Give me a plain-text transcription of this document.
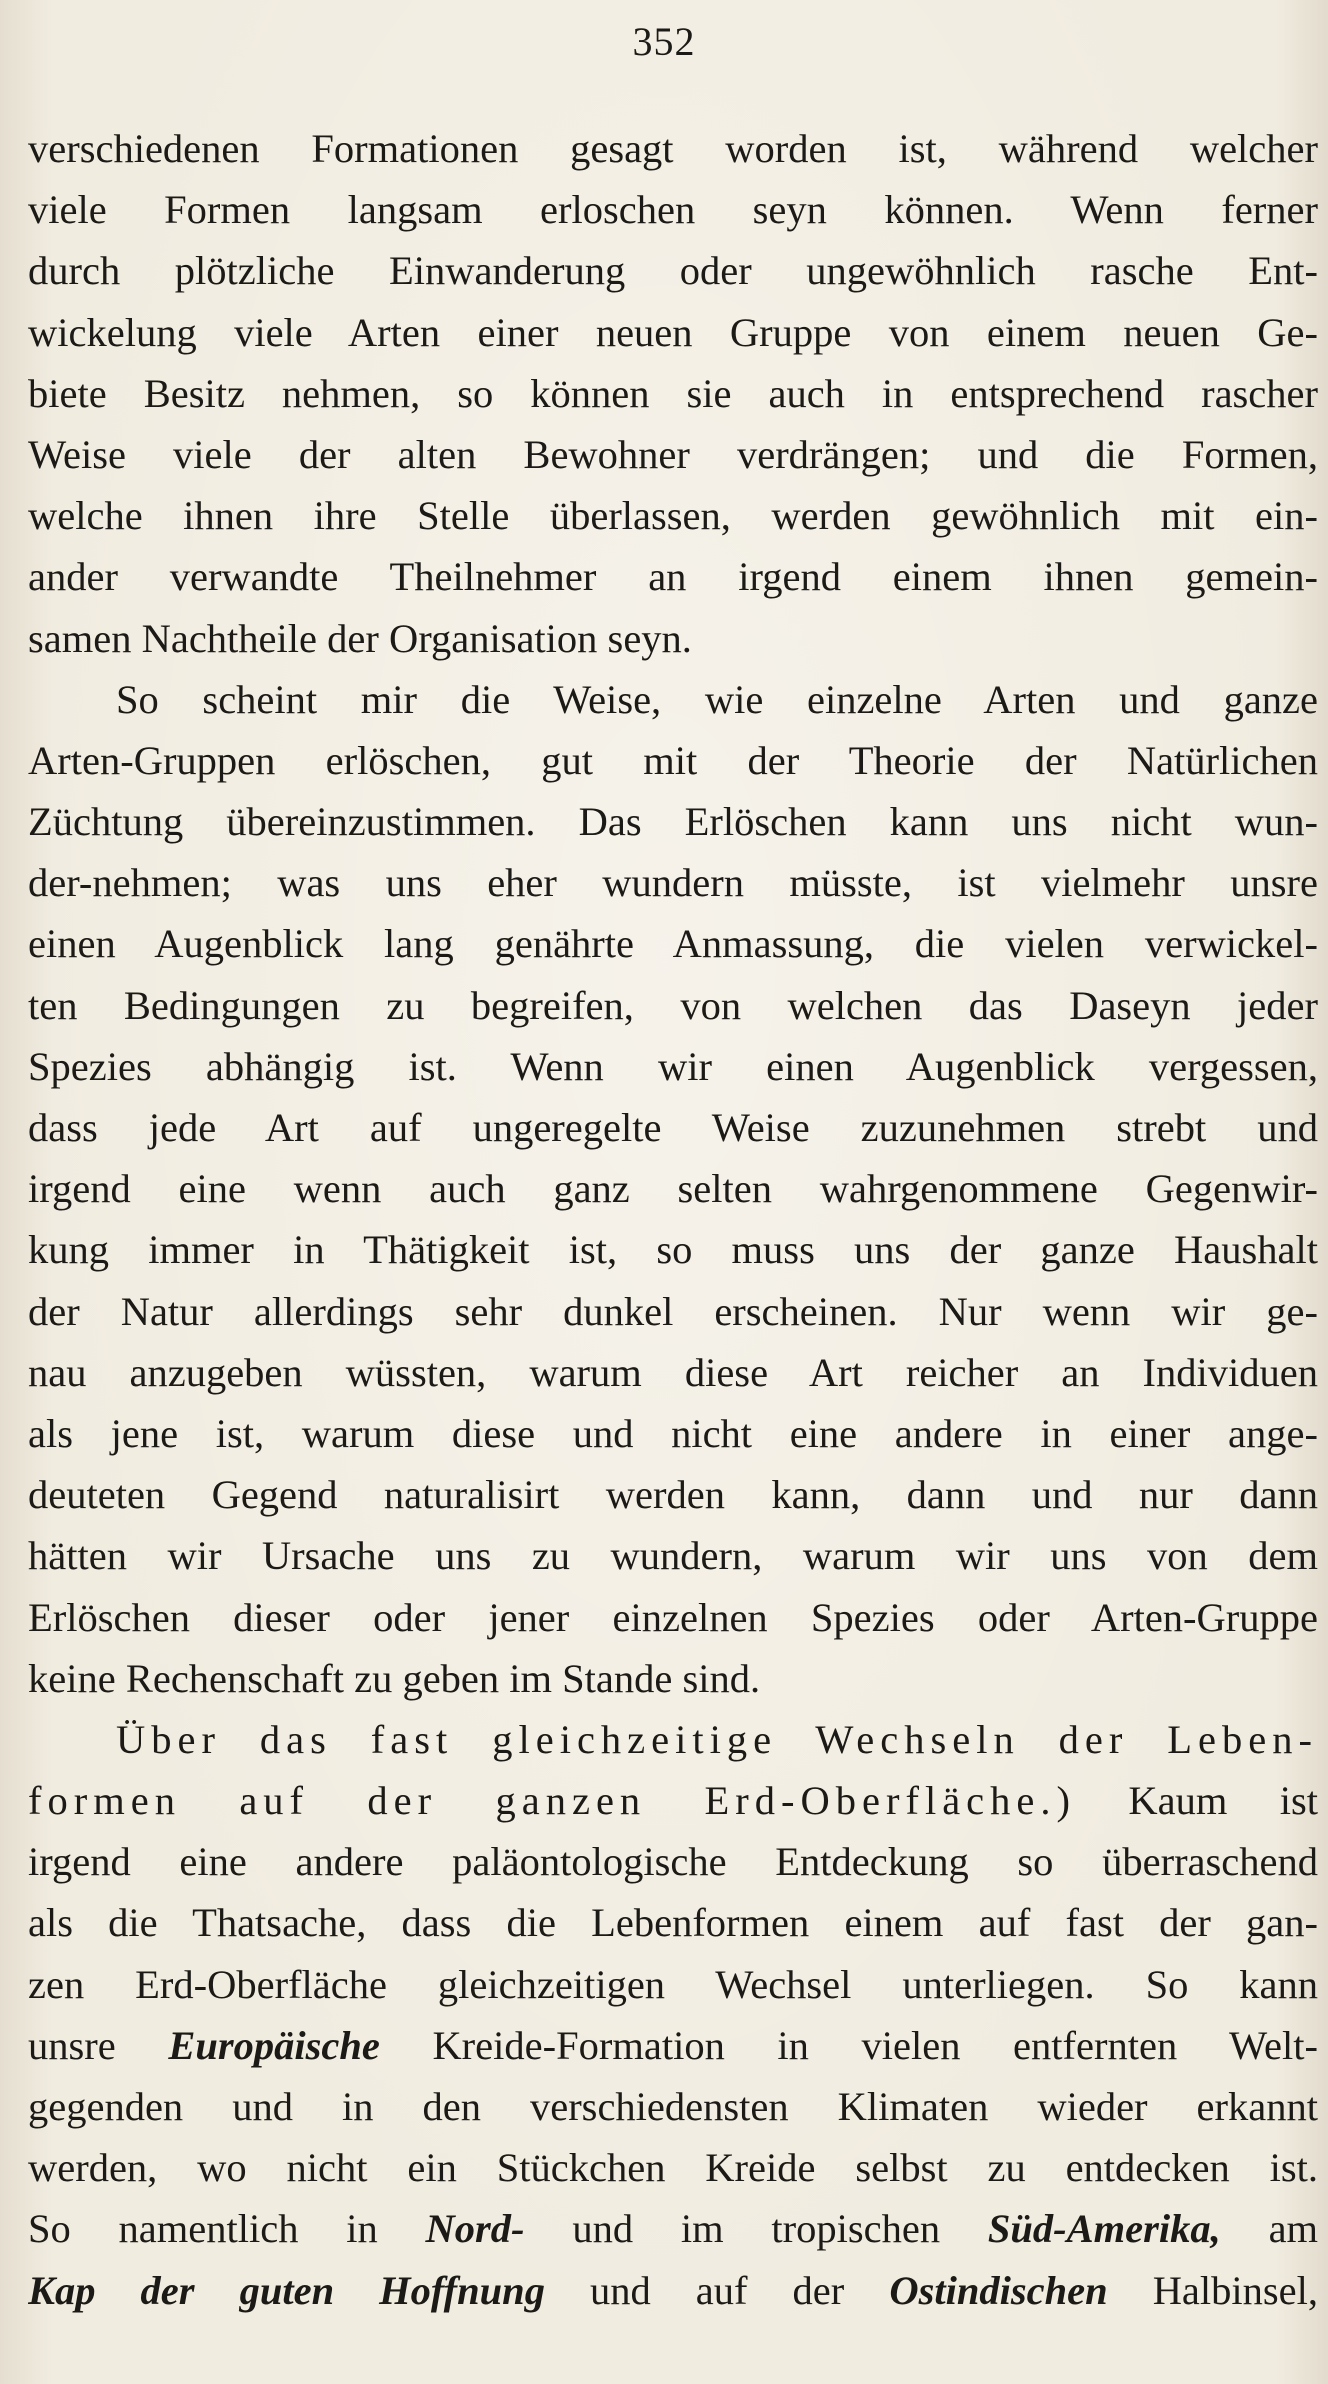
352
verschiedenen Formationen gesagt worden ist, während welcher
viele Formen langsam erloschen seyn können. Wenn ferner
durch plötzliche Einwanderung oder ungewöhnlich rasche Ent-
wickelung viele Arten einer neuen Gruppe von einem neuen Ge-
biete Besitz nehmen, so können sie auch in entsprechend rascher
Weise viele der alten Bewohner verdrängen; und die Formen,
welche ihnen ihre Stelle überlassen, werden gewöhnlich mit ein-
ander verwandte Theilnehmer an irgend einem ihnen gemein-
samen Nachtheile der Organisation seyn.
So scheint mir die Weise, wie einzelne Arten und ganze
Arten-Gruppen erlöschen, gut mit der Theorie der Natürlichen
Züchtung übereinzustimmen. Das Erlöschen kann uns nicht wun-
der-nehmen; was uns eher wundern müsste, ist vielmehr unsre
einen Augenblick lang genährte Anmassung, die vielen verwickel-
ten Bedingungen zu begreifen, von welchen das Daseyn jeder
Spezies abhängig ist. Wenn wir einen Augenblick vergessen,
dass jede Art auf ungeregelte Weise zuzunehmen strebt und
irgend eine wenn auch ganz selten wahrgenommene Gegenwir-
kung immer in Thätigkeit ist, so muss uns der ganze Haushalt
der Natur allerdings sehr dunkel erscheinen. Nur wenn wir ge-
nau anzugeben wüssten, warum diese Art reicher an Individuen
als jene ist, warum diese und nicht eine andere in einer ange-
deuteten Gegend naturalisirt werden kann, dann und nur dann
hätten wir Ursache uns zu wundern, warum wir uns von dem
Erlöschen dieser oder jener einzelnen Spezies oder Arten-Gruppe
keine Rechenschaft zu geben im Stande sind.
Über das fast gleichzeitige Wechseln der Leben-
formen auf der ganzen Erd-Oberfläche.) Kaum ist
irgend eine andere paläontologische Entdeckung so überraschend
als die Thatsache, dass die Lebenformen einem auf fast der gan-
zen Erd-Oberfläche gleichzeitigen Wechsel unterliegen. So kann
unsre Europäische Kreide-Formation in vielen entfernten Welt-
gegenden und in den verschiedensten Klimaten wieder erkannt
werden, wo nicht ein Stückchen Kreide selbst zu entdecken ist.
So namentlich in Nord- und im tropischen Süd-Amerika, am
Kap der guten Hoffnung und auf der Ostindischen Halbinsel,
